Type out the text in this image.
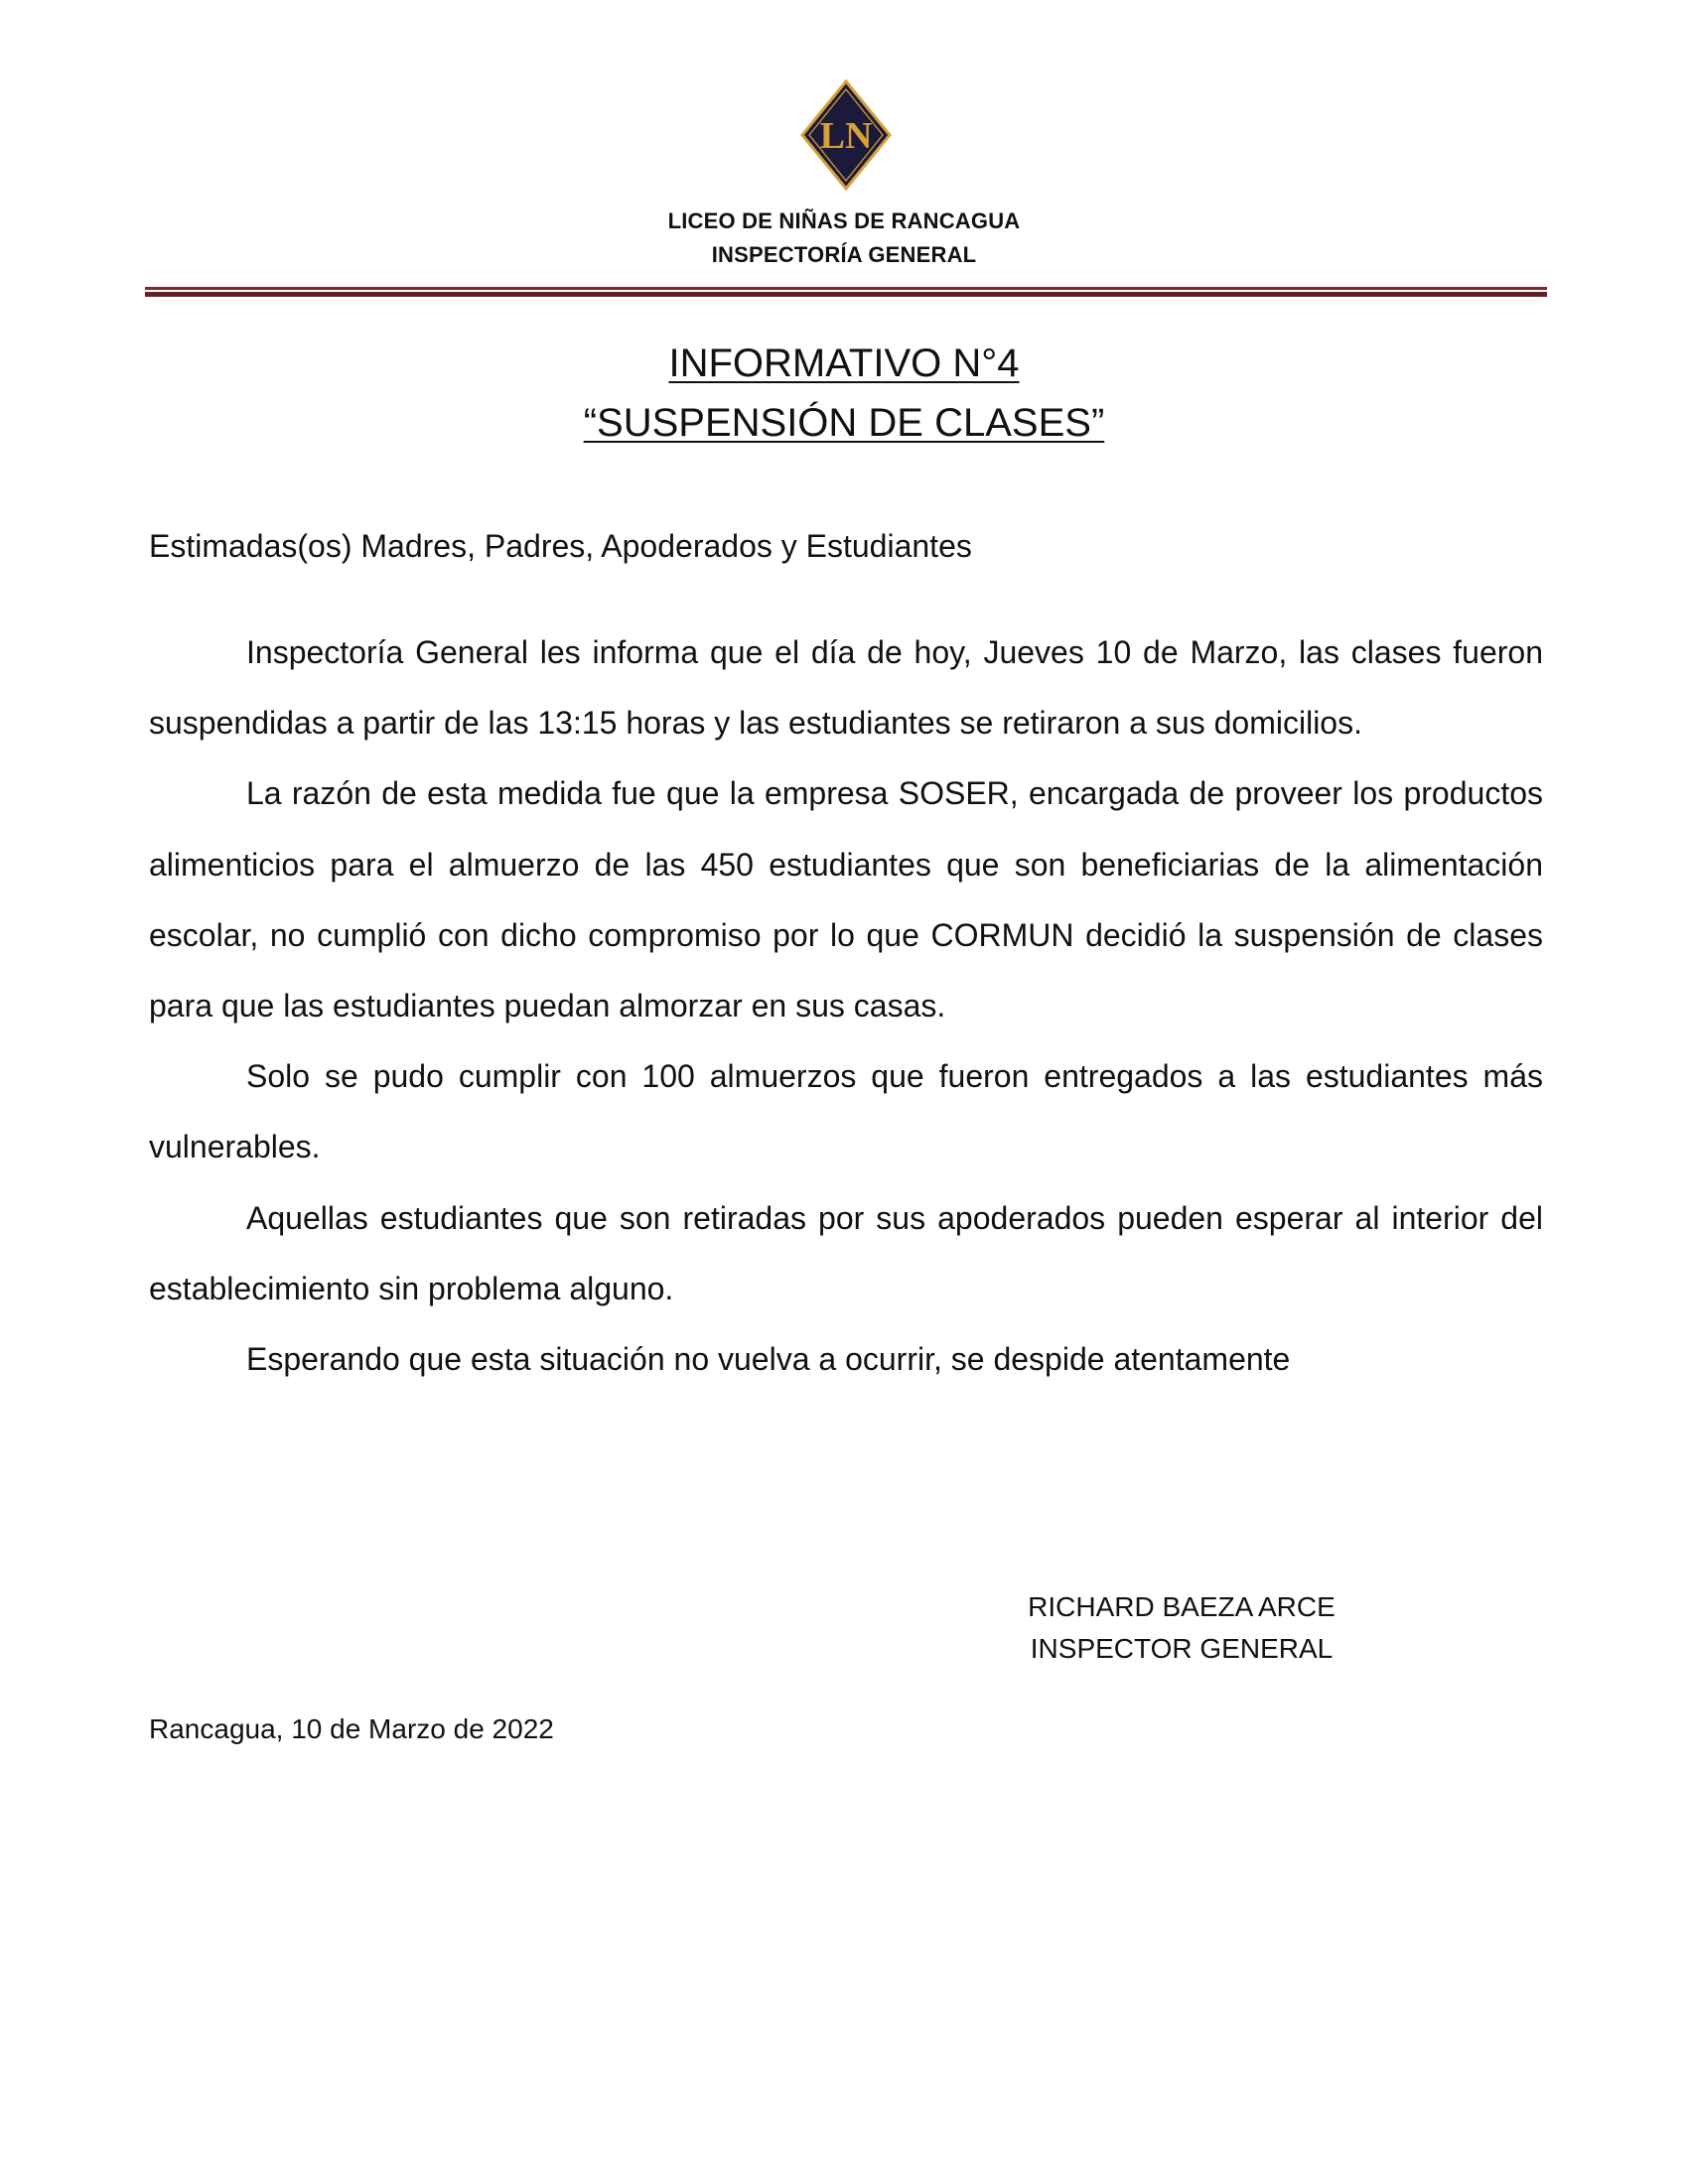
LN
LICEO DE NIÑAS DE RANCAGUA
INSPECTORÍA GENERAL
INFORMATIVO N°4
“SUSPENSIÓN DE CLASES”
Estimadas(os) Madres, Padres, Apoderados y Estudiantes

Inspectoría General les informa que el día de hoy, Jueves 10 de Marzo, las clases fueron suspendidas a partir de las 13:15 horas y las estudiantes se retiraron a sus domicilios.

La razón de esta medida fue que la empresa SOSER, encargada de proveer los productos alimenticios para el almuerzo de las 450 estudiantes que son beneficiarias de la alimentación escolar, no cumplió con dicho compromiso por lo que CORMUN decidió la suspensión de clases para que las estudiantes puedan almorzar en sus casas.

Solo se pudo cumplir con 100 almuerzos que fueron entregados a las estudiantes más vulnerables.

Aquellas estudiantes que son retiradas por sus apoderados pueden esperar al interior del establecimiento sin problema alguno.

Esperando que esta situación no vuelva a ocurrir, se despide atentamente

RICHARD BAEZA ARCE
INSPECTOR GENERAL
Rancagua, 10 de Marzo de 2022
